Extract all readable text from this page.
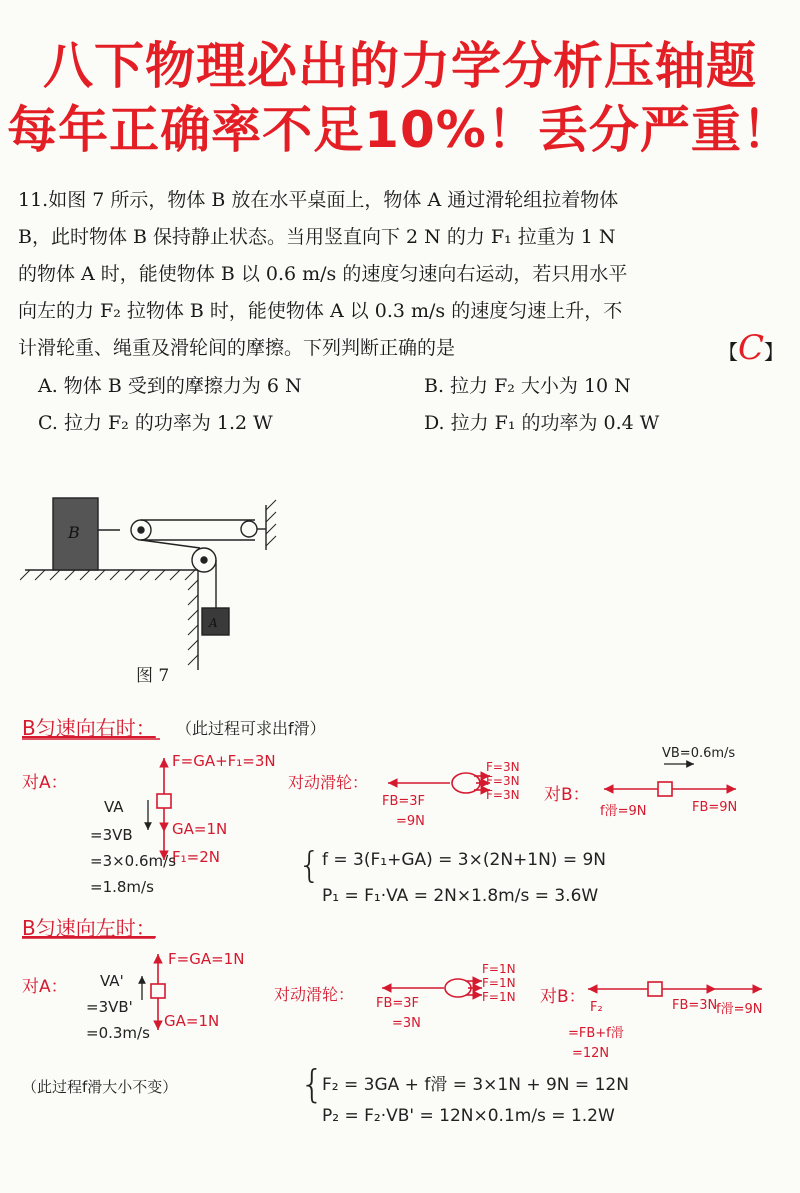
八下物理必出的力学分析压轴题
每年正确率不足10%！丢分严重！

11.如图 7 所示，物体 B 放在水平桌面上，物体 A 通过滑轮组拉着物体

B，此时物体 B 保持静止状态。当用竖直向下 2 N 的力 F₁ 拉重为 1 N

的物体 A 时，能使物体 B 以 0.6 m/s 的速度匀速向右运动，若只用水平

向左的力 F₂ 拉物体 B 时，能使物体 A 以 0.3 m/s 的速度匀速上升，不

计滑轮重、绳重及滑轮间的摩擦。下列判断正确的是	【C】
A. 物体 B 受到的摩擦力为 6 N	B. 拉力 F₂ 大小为 10 N
C. 拉力 F₂ 的功率为 1.2 W	D. 拉力 F₁ 的功率为 0.4 W
B
A
图 7
B匀速向右时： （此过程可求出f滑）
对A：
F=GA+F₁=3N
GA=1N
F₁=2N
VA
=3VB
=3×0.6m/s
=1.8m/s
对动滑轮：
FB=3F
=9N
F=3N
F=3N
F=3N 对B：
VB=0.6m/s
f滑=9N	FB=9N
{ f = 3(F₁+GA) = 3×(2N+1N) = 9N
P₁ = F₁·VA = 2N×1.8m/s = 3.6W
B匀速向左时：
对A：
F=GA=1N
GA=1N
VA'
=3VB'
=0.3m/s
对动滑轮：
F=1N
F=1N
F=1N
FB=3F
=3N
对B：
F₂
=FB+f滑
=12N
FB=3N
f滑=9N
（此过程f滑大小不变）	{
F₂ = 3GA + f滑 = 3×1N + 9N = 12N
P₂ = F₂·VB' = 12N×0.1m/s = 1.2W
